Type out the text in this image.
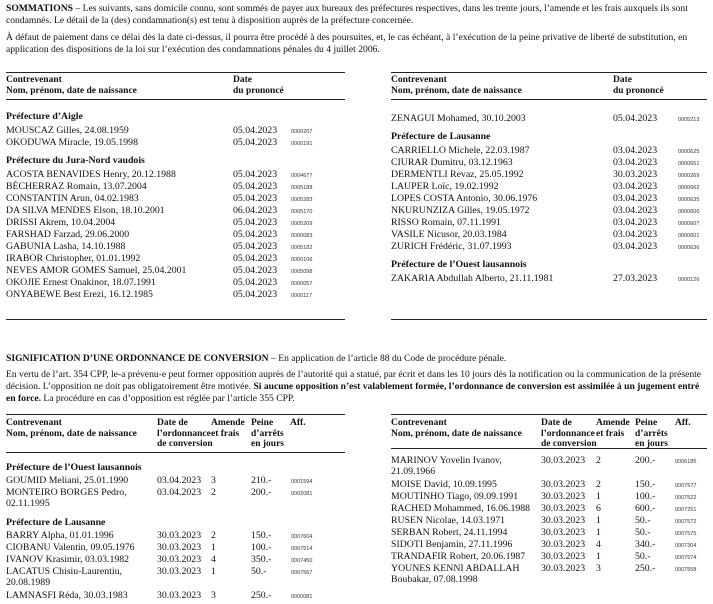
SOMMATIONS – Les suivants, sans domicile connu, sont sommés de payer aux bureaux des préfectures respectives, dans les trente jours, l’amende et les frais auxquels ils sont condamnés. Le détail de la (des) condamnation(s) est tenu à disposition auprès de la préfecture concernée.

À défaut de paiement dans ce délai dès la date ci-dessus, il pourra être procédé à des poursuites, et, le cas échéant, à l’exécution de la peine privative de liberté de substitution, en application des dispositions de la loi sur l’exécution des condamnations pénales du 4 juillet 2006.

Contrevenant
Nom, prénom, date de naissance
Date
du prononcé
Contrevenant
Nom, prénom, date de naissance
Date
du prononcé
Préfecture d’Aigle
MOUSCAZ Gilles, 24.08.1959	05.04.2023	0000207
OKODUWA Miracle, 19.05.1998	05.04.2023	0000191
Préfecture du Jura-Nord vaudois
ACOSTA BENAVIDES Henry, 20.12.1988	05.04.2023	0004677
BÉCHERRAZ Romain, 13.07.2004	05.04.2023	0005188
CONSTANTIN Arun, 04.02.1983	05.04.2023	0005283
DA SILVA MENDES Elson, 18.10.2001	06.04.2023	0005170
DRISSI Akrem, 10.04.2004	05.04.2023	0005209
FARSHAD Farzad, 29.06.2000	05.04.2023	0000083
GABUNIA Lasha, 14.10.1988	05.04.2023	0005182
IRABOR Christopher, 01.01.1992	05.04.2023	0000106
NEVES AMOR GOMES Samuel, 25.04.2001	05.04.2023	0005098
OKOJIE Ernest Onakinor, 18.07.1991	05.04.2023	0000057
ONYABEWE Best Erezi, 16.12.1985	05.04.2023	0000117
ZENAGUI Mohamed, 30.10.2003	05.04.2023	0005213
Préfecture de Lausanne
CARRIELLO Michele, 22.03.1987	03.04.2023	0000625
CIURAR Dumitru, 03.12.1963	03.04.2023	0000651
DERMENTLI Revaz, 25.05.1992	30.03.2023	0000269
LAUPER Loïc, 19.02.1992	03.04.2023	0000662
LOPES COSTA Antonio, 30.06.1976	03.04.2023	0000635
NKURUNZIZA Gilles, 19.05.1972	03.04.2023	0000600
RISSO Romain, 07.11.1991	03.04.2023	0000607
VASILE Nicusor, 20.03.1984	03.04.2023	0000601
ZURICH Frédéric, 31.07.1993	03.04.2023	0000636
Préfecture de l’Ouest lausannois
ZAKARIA Abdullah Alberto, 21.11.1981	27.03.2023	0000126

SIGNIFICATION D’UNE ORDONNANCE DE CONVERSION – En application de l’article 88 du Code de procédure pénale.

En vertu de l’art. 354 CPP, le-a prévenu-e peut former opposition auprès de l’autorité qui a statué, par écrit et dans les 10 jours dès la notification ou la communication de la présente décision. L’opposition ne doit pas obligatoirement être motivée. Si aucune opposition n’est valablement formée, l’ordonnance de conversion est assimilée à un jugement entré en force. La procédure en cas d’opposition est réglée par l’article 355 CPP.

Contrevenant
Nom, prénom, date de naissance
Date de
l’ordonnance
de conversion
Amende
et frais
Peine
d’arrêts
en jours
Aff.	Contrevenant
Nom, prénom, date de naissance
Date de
l’ordonnance
de conversion
Amende
et frais
Peine
d’arrêts
en jours
Aff.
Préfecture de l’Ouest lausannois
GOUMID Meliani, 25.01.1990	03.04.2023 3	210.-	0001594
MONTEIRO BORGES Pedro,
02.11.1995
03.04.2023 2	200.-	0002081
Préfecture de Lausanne
BARRY Alpha, 01.01.1996	30.03.2023 2	150.-	0007604
CIOBANU Valentin, 09.05.1976 30.03.2023 1	100.-	0007514
IVANOV Krasimir, 03.03.1982	30.03.2023 4	350.-	0007450
LACATUS Chisiu-Laurentiu,
20.08.1989
30.03.2023 1	50.-	0007567
LAMNASFI Réda, 30.03.1983	30.03.2023 3	250.-	0000081
MARINOV Yovelin Ivanov,
21.09.1966
30.03.2023 2	200.-	0006185
MOISE David, 10.09.1995	30.03.2023 2	150.-	0007577
MOUTINHO Tiago, 09.09.1991 30.03.2023 1	100.-	0007522
RACHED Mohammed, 16.06.1988 30.03.2023 6	600.-	0007251
RUSEN Nicolae, 14.03.1971	30.03.2023 1	50.-	0007572
SERBAN Robert, 24.11.1994	30.03.2023 1	50.-	0007575
SIDOTI Benjamin, 27.11.1996	30.03.2023 4	340.-	0007304
TRANDAFIR Robert, 20.06.1987 30.03.2023 1	50.-	0007574
YOUNES KENNI ABDALLAH
Boubakar, 07.08.1998
30.03.2023 3	250.-	0007558
